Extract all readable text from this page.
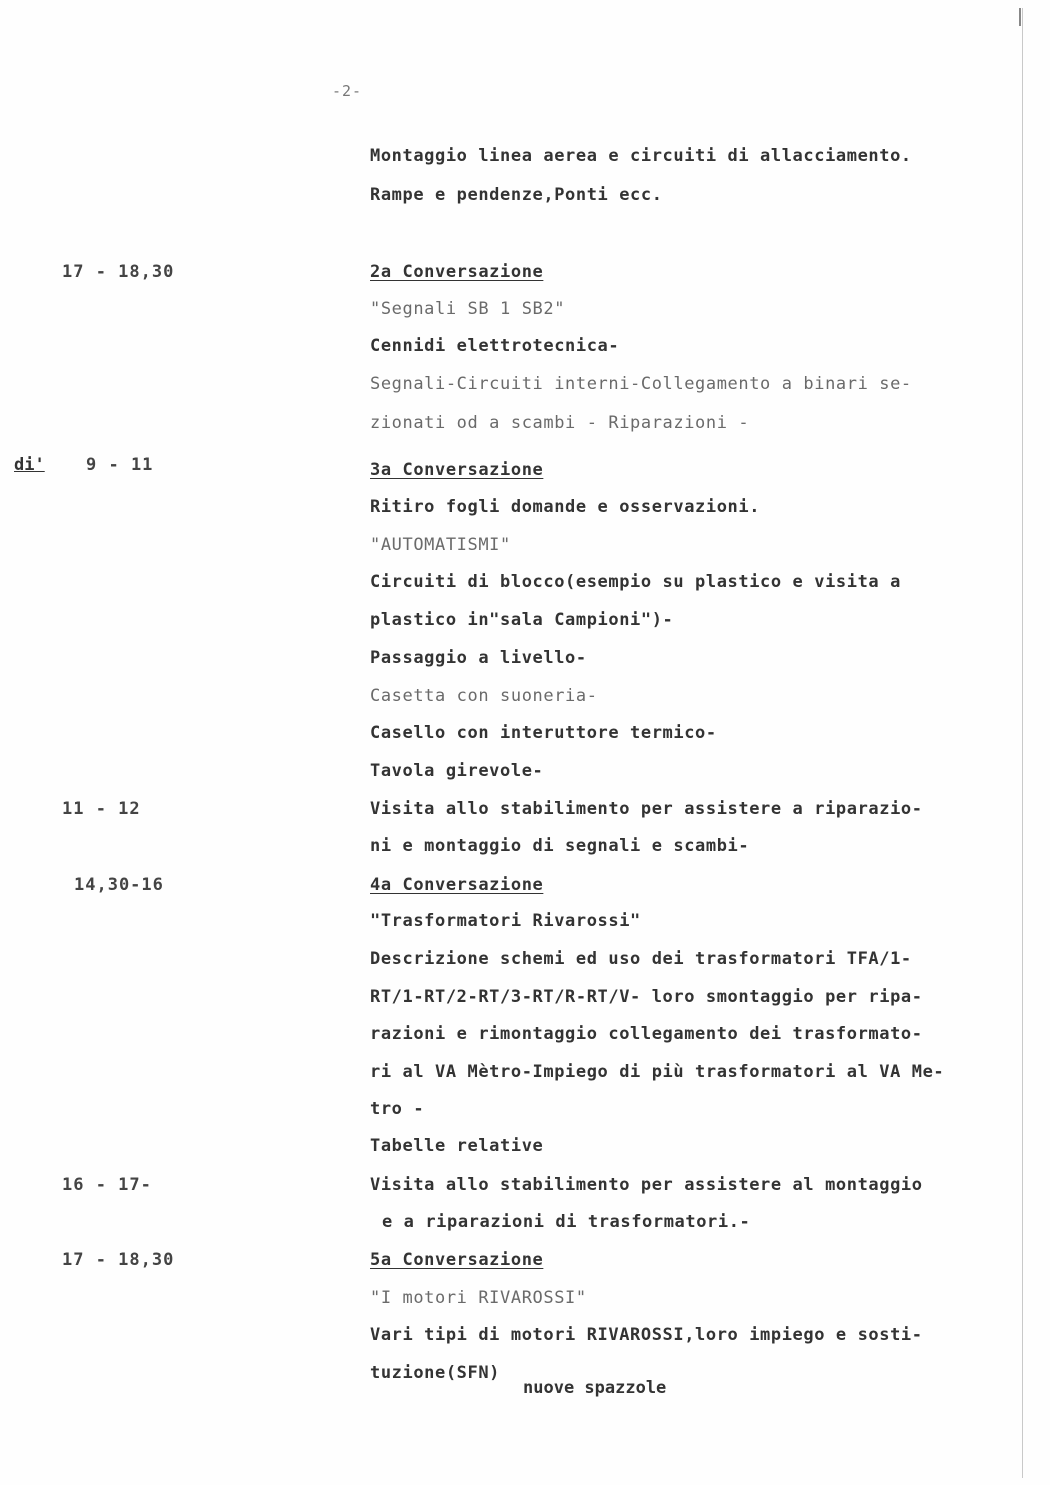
-2-
di'
17 - 18,30
9 - 11
11 - 12
14,30-16
16 - 17-
17 - 18,30
Montaggio linea aerea e circuiti di allacciamento.
Rampe e pendenze,Ponti ecc.
2a Conversazione
"Segnali SB 1 SB2"
Cennidi elettrotecnica-
Segnali-Circuiti interni-Collegamento a binari se-
zionati od a scambi - Riparazioni -
3a Conversazione
Ritiro fogli domande e osservazioni.
"AUTOMATISMI"
Circuiti di blocco(esempio su plastico e visita a
plastico in"sala Campioni")-
Passaggio a livello-
Casetta con suoneria-
Casello con interuttore termico-
Tavola girevole-
Visita allo stabilimento per assistere a riparazio-
ni e montaggio di segnali e scambi-
4a Conversazione
"Trasformatori Rivarossi"
Descrizione schemi ed uso dei trasformatori TFA/1-
RT/1-RT/2-RT/3-RT/R-RT/V- loro smontaggio per ripa-
razioni e rimontaggio collegamento dei trasformato-
ri al VA Mètro-Impiego di più trasformatori al VA Me-
tro -
Tabelle relative
Visita allo stabilimento per assistere al montaggio
e a riparazioni di trasformatori.-
5a Conversazione
"I motori RIVAROSSI"
Vari tipi di motori RIVAROSSI,loro impiego e sosti-
tuzione(SFN)
nuove spazzole
